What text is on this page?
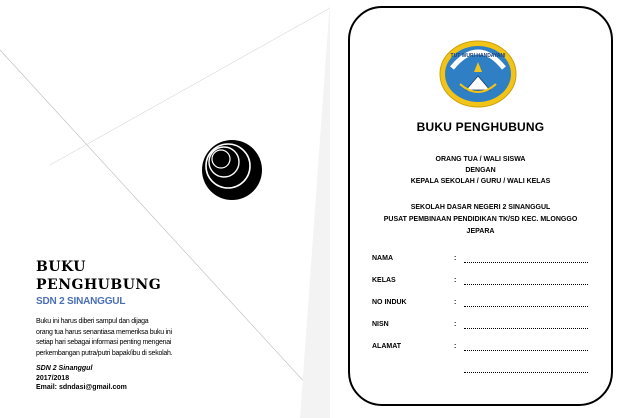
BUKU
PENGHUBUNG
SDN 2 SINANGGUL
Buku ini harus diberi sampul dan dijaga
orang tua harus senantiasa memeriksa buku ini
setiap hari sebagai informasi penting mengenai
perkembangan putra/putri bapak/ibu di sekolah.
SDN 2 Sinanggul
2017/2018
Email: sdndasi@gmail.com
TUT WURI HANDAYANI
BUKU PENGHUBUNG
ORANG TUA / WALI SISWA
DENGAN
KEPALA SEKOLAH / GURU / WALI KELAS
SEKOLAH DASAR NEGERI 2 SINANGGUL
PUSAT PEMBINAAN PENDIDIKAN TK/SD KEC. MLONGGO
JEPARA
NAMA	:
KELAS	:
NO INDUK	:
NISN	:
ALAMAT	:
